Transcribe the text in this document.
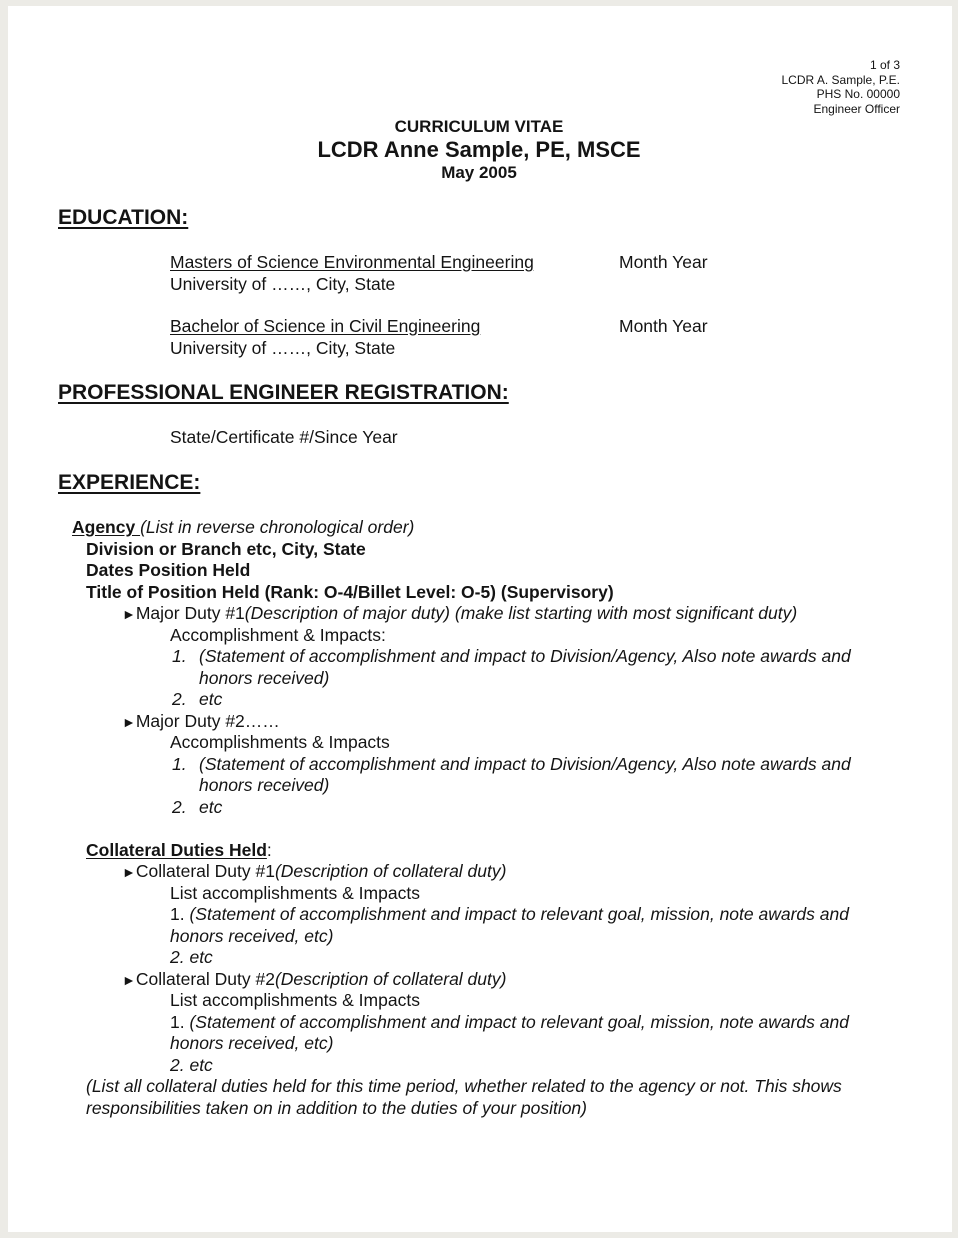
1 of 3
LCDR A. Sample, P.E.
PHS No. 00000
Engineer Officer
CURRICULUM VITAE
LCDR Anne Sample, PE, MSCE
May 2005
EDUCATION:
Masters of Science Environmental Engineering	Month Year
University of ……, City, State
Bachelor of Science in Civil Engineering	Month Year
University of ……, City, State
PROFESSIONAL ENGINEER REGISTRATION:
State/Certificate #/Since Year
EXPERIENCE:
Agency (List in reverse chronological order)
Division or Branch etc, City, State
Dates Position Held
Title of Position Held (Rank: O-4/Billet Level: O-5) (Supervisory)
►Major Duty #1(Description of major duty) (make list starting with most significant duty)
Accomplishment & Impacts:
1. (Statement of accomplishment and impact to Division/Agency, Also note awards and
honors received)
2. etc
►Major Duty #2……
Accomplishments & Impacts
1. (Statement of accomplishment and impact to Division/Agency, Also note awards and
honors received)
2. etc
Collateral Duties Held:
►Collateral Duty #1(Description of collateral duty)
List accomplishments & Impacts
1. (Statement of accomplishment and impact to relevant goal, mission, note awards and
honors received, etc)
2. etc
►Collateral Duty #2(Description of collateral duty)
List accomplishments & Impacts
1. (Statement of accomplishment and impact to relevant goal, mission, note awards and
honors received, etc)
2. etc
(List all collateral duties held for this time period, whether related to the agency or not. This shows
responsibilities taken on in addition to the duties of your position)
